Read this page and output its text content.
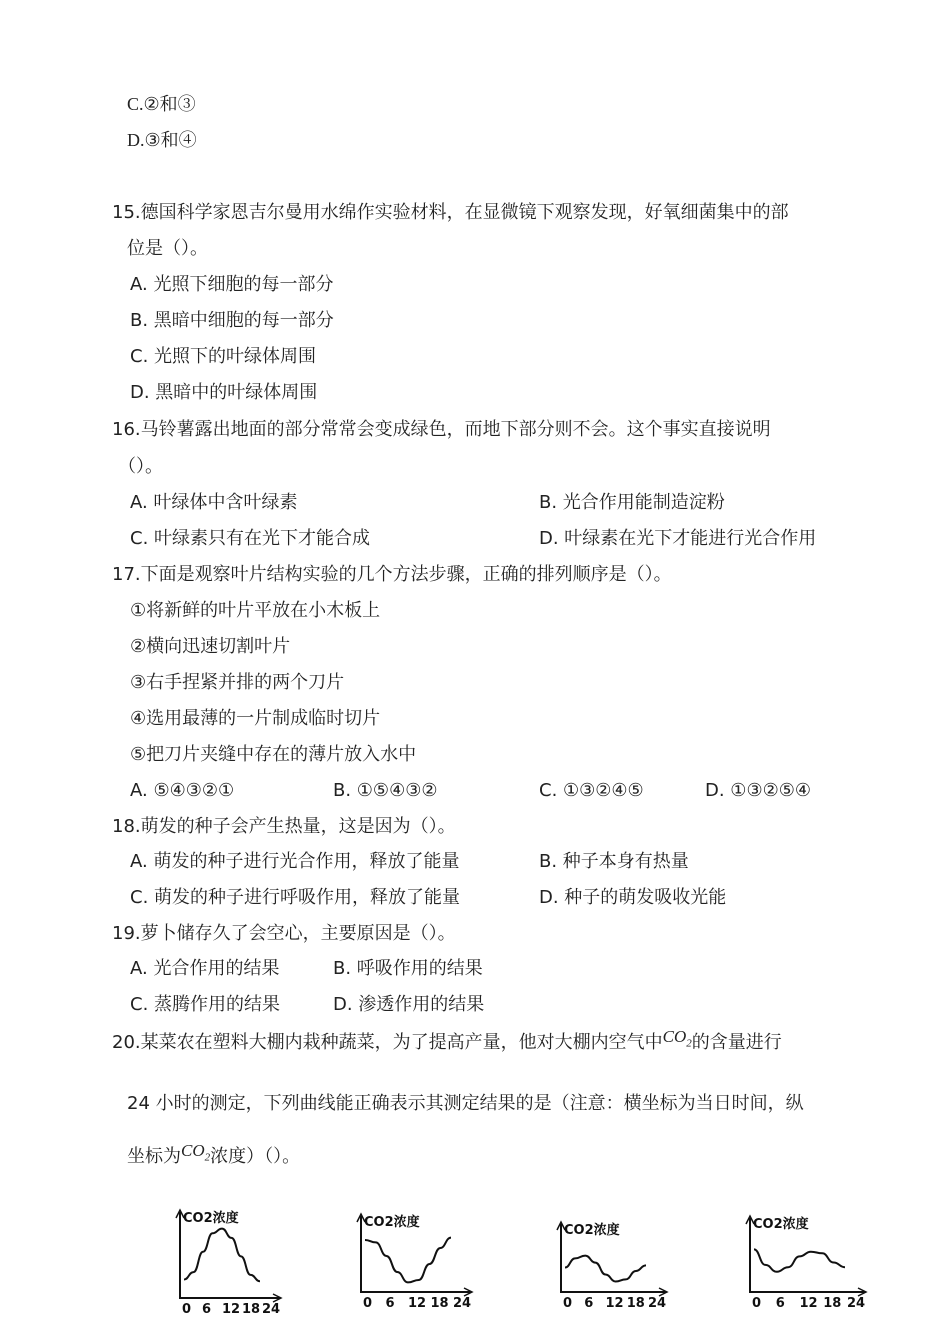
C.②和③
D.③和④
15.德国科学家恩吉尔曼用水绵作实验材料，在显微镜下观察发现，好氧细菌集中的部
位是（）。
A. 光照下细胞的每一部分
B. 黑暗中细胞的每一部分
C. 光照下的叶绿体周围
D. 黑暗中的叶绿体周围
16.马铃薯露出地面的部分常常会变成绿色，而地下部分则不会。这个事实直接说明
（）。
A. 叶绿体中含叶绿素	B. 光合作用能制造淀粉
C. 叶绿素只有在光下才能合成	D. 叶绿素在光下才能进行光合作用
17.下面是观察叶片结构实验的几个方法步骤，正确的排列顺序是（）。
①将新鲜的叶片平放在小木板上
②横向迅速切割叶片
③右手捏紧并排的两个刀片
④选用最薄的一片制成临时切片
⑤把刀片夹缝中存在的薄片放入水中
A. ⑤④③②①	B. ①⑤④③②	C. ①③②④⑤	D. ①③②⑤④
18.萌发的种子会产生热量，这是因为（）。
A. 萌发的种子进行光合作用，释放了能量	B. 种子本身有热量
C. 萌发的种子进行呼吸作用，释放了能量	D. 种子的萌发吸收光能
19.萝卜储存久了会空心，主要原因是（）。
A. 光合作用的结果	B. 呼吸作用的结果
C. 蒸腾作用的结果	D. 渗透作用的结果
20.某菜农在塑料大棚内栽种蔬菜，为了提高产量，他对大棚内空气中$CO_2$的含量进行
24 小时的测定，下列曲线能正确表示其测定结果的是（注意：横坐标为当日时间，纵
坐标为$CO_2$浓度）（）。
CO2浓度
0 6 12 18 24
CO2浓度
0 6 12 18 24
CO2浓度
0 6 12 18 24
CO2浓度
0 6 12 18 24
